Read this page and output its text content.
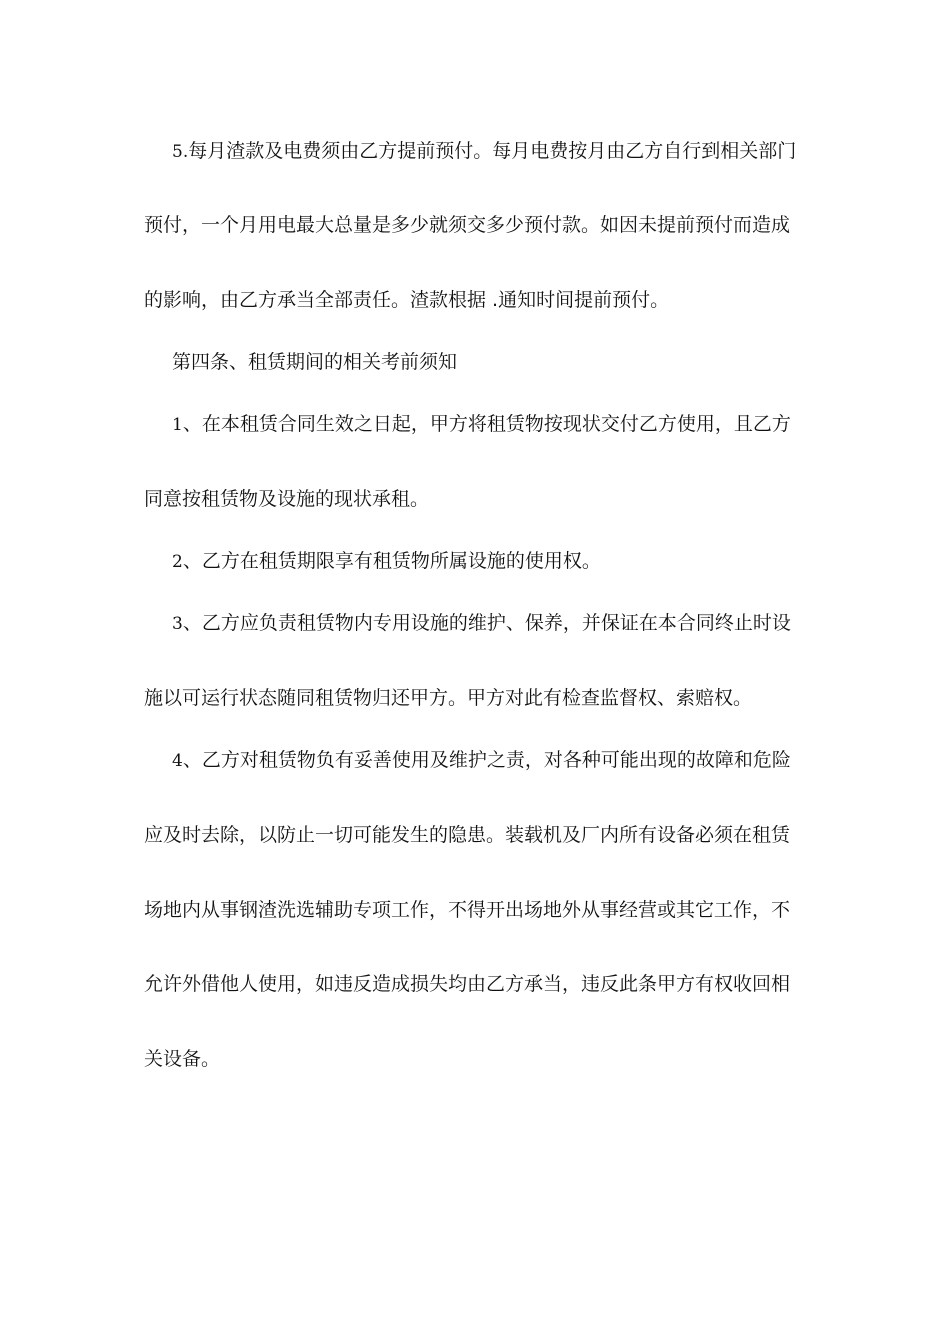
5.每月渣款及电费须由乙方提前预付。每月电费按月由乙方自行到相关部门
预付，一个月用电最大总量是多少就须交多少预付款。如因未提前预付而造成
的影响，由乙方承当全部责任。渣款根据 .通知时间提前预付。
第四条、租赁期间的相关考前须知
1、在本租赁合同生效之日起，甲方将租赁物按现状交付乙方使用，且乙方
同意按租赁物及设施的现状承租。
2、乙方在租赁期限享有租赁物所属设施的使用权。
3、乙方应负责租赁物内专用设施的维护、保养，并保证在本合同终止时设
施以可运行状态随同租赁物归还甲方。甲方对此有检查监督权、索赔权。
4、乙方对租赁物负有妥善使用及维护之责，对各种可能出现的故障和危险
应及时去除，以防止一切可能发生的隐患。装载机及厂内所有设备必须在租赁
场地内从事钢渣洗选辅助专项工作，不得开出场地外从事经营或其它工作，不
允许外借他人使用，如违反造成损失均由乙方承当，违反此条甲方有权收回相
关设备。
